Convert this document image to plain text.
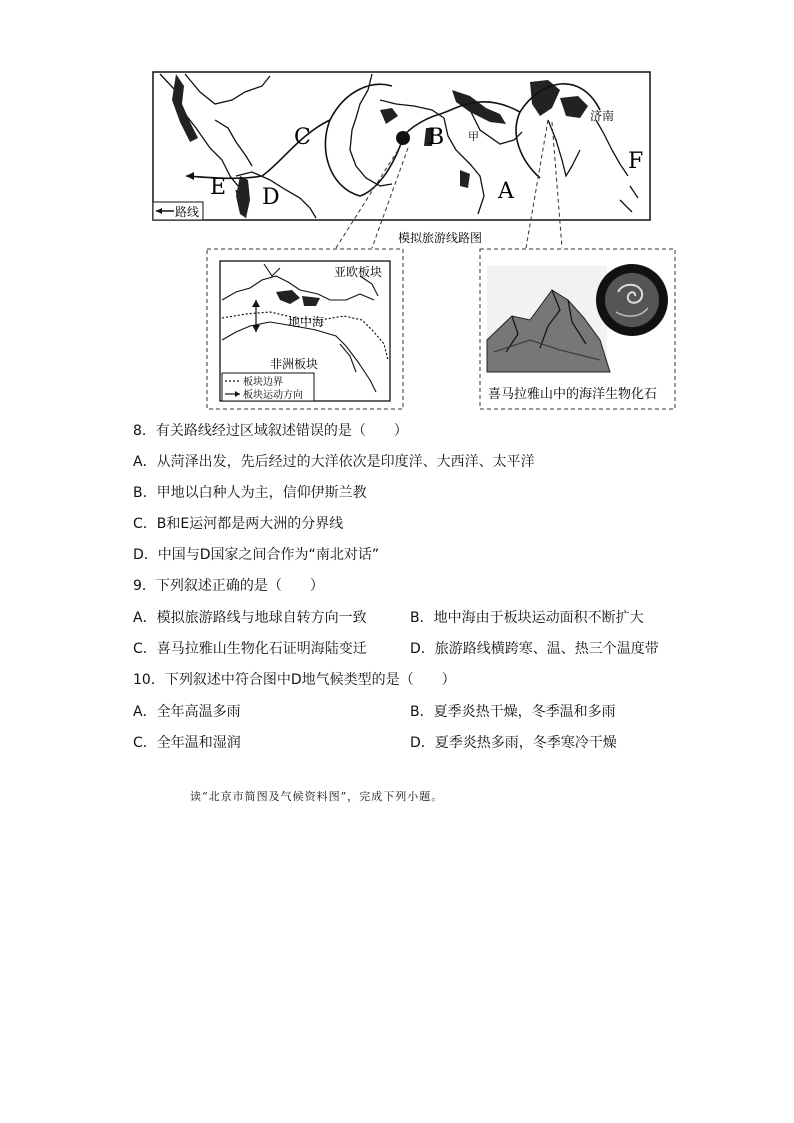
路线
C	B 甲
A
E D
F
济南
模拟旅游线路图
亚欧板块
地中海
非洲板块
板块边界
板块运动方向	喜马拉雅山中的海洋生物化石
8．有关路线经过区域叙述错误的是（　　）
A．从菏泽出发，先后经过的大洋依次是印度洋、大西洋、太平洋
B．甲地以白种人为主，信仰伊斯兰教
C．B和E运河都是两大洲的分界线
D．中国与D国家之间合作为“南北对话”
9．下列叙述正确的是（　　）
A．模拟旅游路线与地球自转方向一致	B．地中海由于板块运动面积不断扩大
C．喜马拉雅山生物化石证明海陆变迁	D．旅游路线横跨寒、温、热三个温度带
10．下列叙述中符合图中D地气候类型的是（　　）
A．全年高温多雨	B．夏季炎热干燥，冬季温和多雨
C．全年温和湿润	D．夏季炎热多雨，冬季寒冷干燥
读“北京市简图及气候资料图”，完成下列小题。
